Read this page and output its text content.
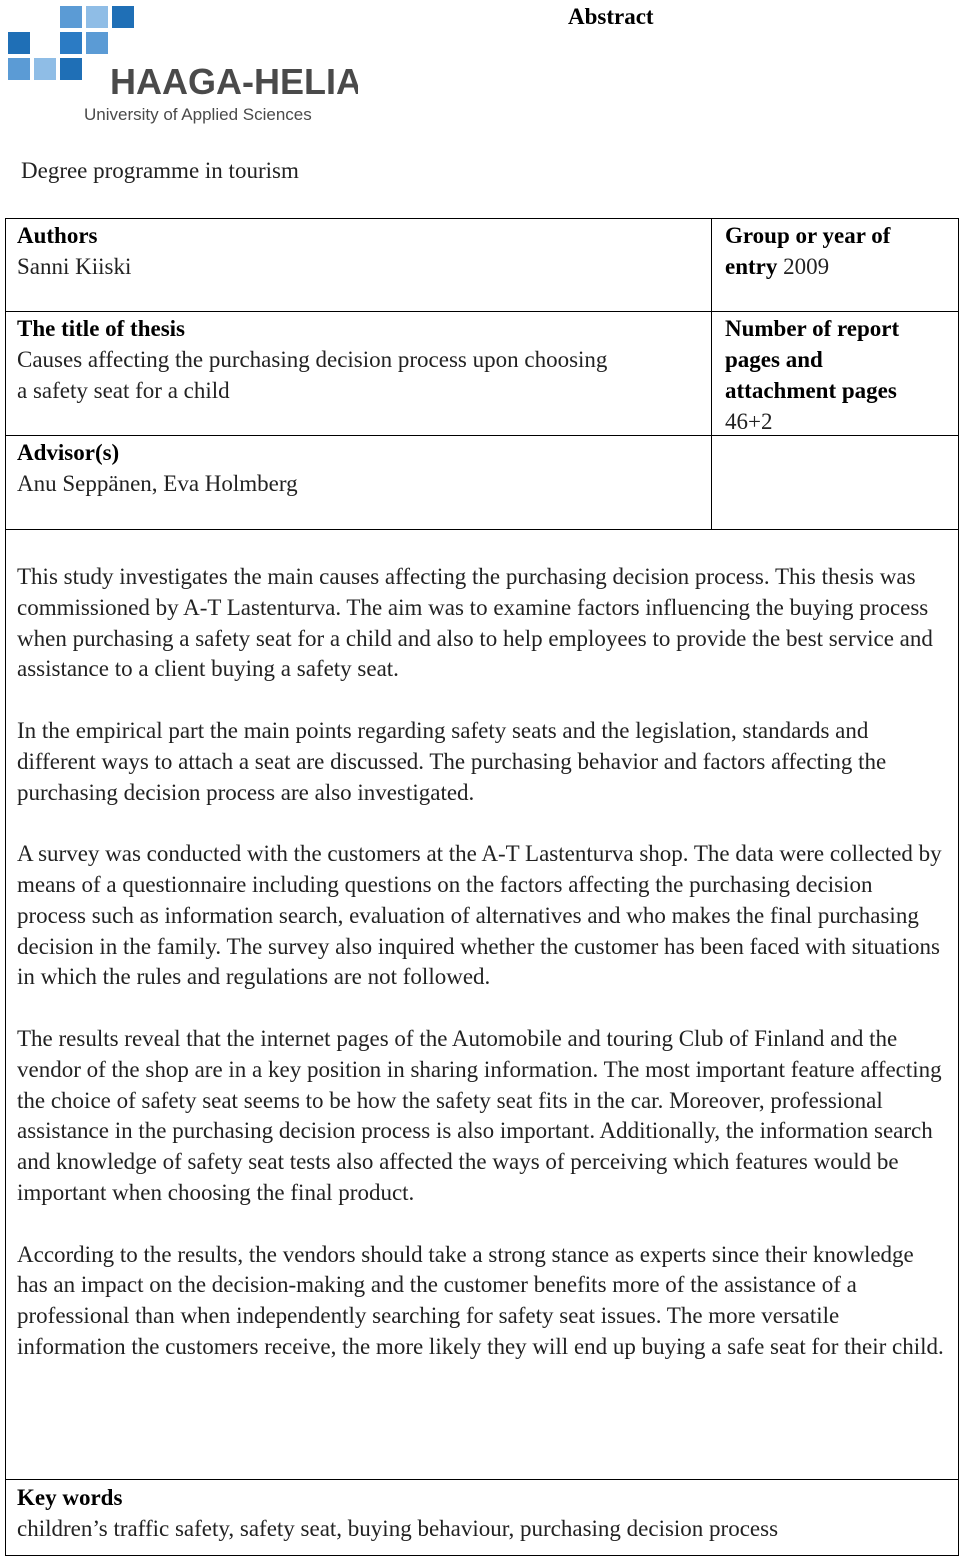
HAAGA-HELIA
University of Applied Sciences
Abstract
Degree programme in tourism
Authors
Sanni Kiiski
Group or year of
entry 2009
The title of thesis
Causes affecting the purchasing decision process upon choosing
a safety seat for a child
Number of report
pages and
attachment pages
46+2
Advisor(s)
Anu Seppänen, Eva Holmberg

This study investigates the main causes affecting the purchasing decision process. This thesis was commissioned by A-T Lastenturva. The aim was to examine factors influencing the buying process when purchasing a safety seat for a child and also to help employees to provide the best service and assistance to a client buying a safety seat.

In the empirical part the main points regarding safety seats and the legislation, standards and different ways to attach a seat are discussed. The purchasing behavior and factors affecting the purchasing decision process are also investigated.

A survey was conducted with the customers at the A-T Lastenturva shop. The data were collected by means of a questionnaire including questions on the factors affecting the purchasing decision process such as information search, evaluation of alternatives and who makes the final purchasing decision in the family. The survey also inquired whether the customer has been faced with situations in which the rules and regulations are not followed.

The results reveal that the internet pages of the Automobile and touring Club of Finland and the vendor of the shop are in a key position in sharing information. The most important feature affecting the choice of safety seat seems to be how the safety seat fits in the car. Moreover, professional assistance in the purchasing decision process is also important. Additionally, the information search and knowledge of safety seat tests also affected the ways of perceiving which features would be important when choosing the final product.

According to the results, the vendors should take a strong stance as experts since their knowledge has an impact on the decision-making and the customer benefits more of the assistance of a professional than when independently searching for safety seat issues. The more versatile information the customers receive, the more likely they will end up buying a safe seat for their child.

Key words
children’s traffic safety, safety seat, buying behaviour, purchasing decision process
